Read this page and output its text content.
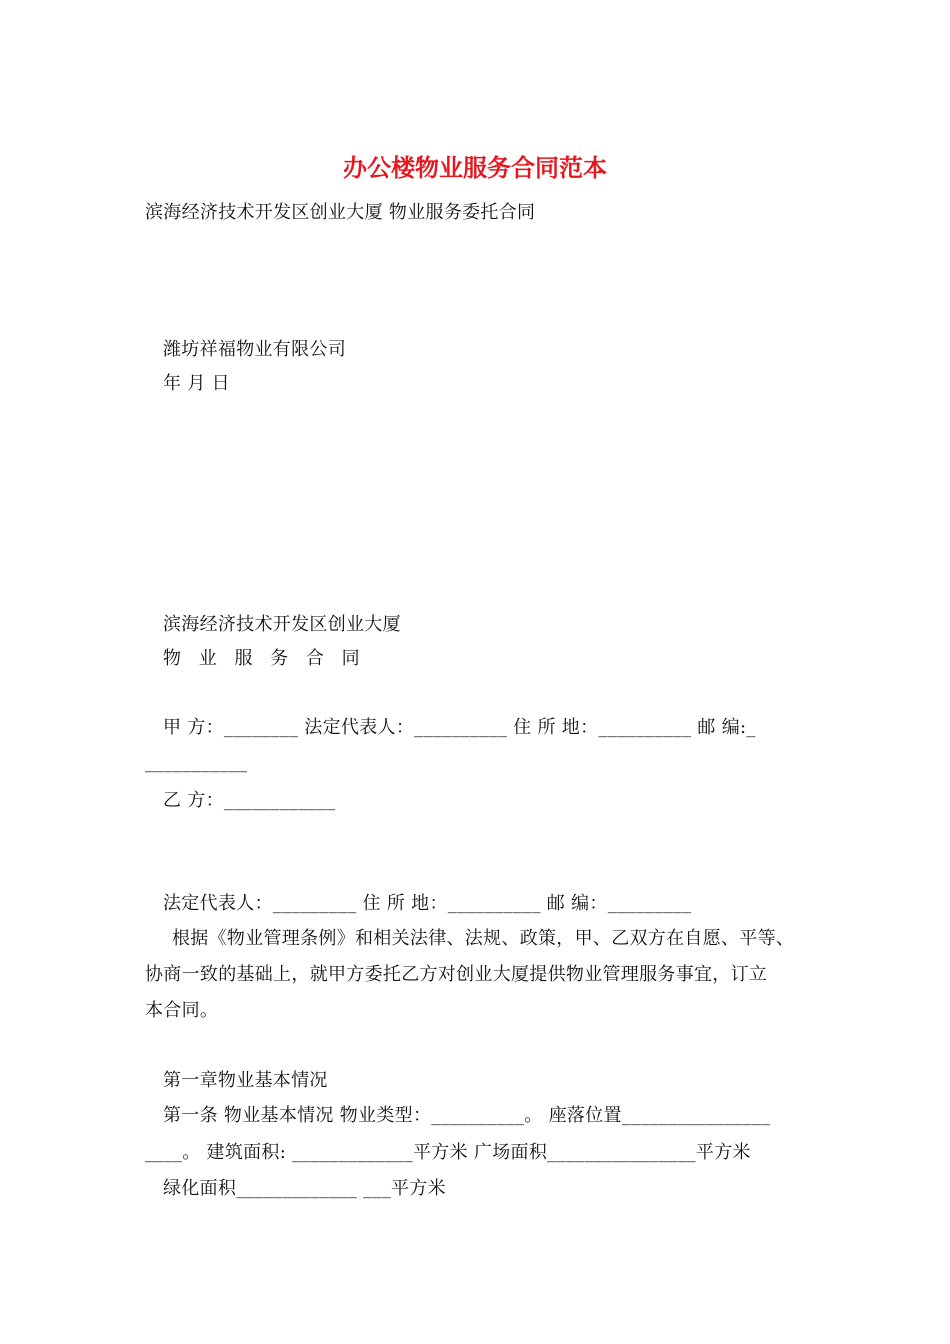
办公楼物业服务合同范本
滨海经济技术开发区创业大厦 物业服务委托合同
潍坊祥福物业有限公司
年 月 日
滨海经济技术开发区创业大厦
物 业 服 务 合 同
甲 方：________ 法定代表人：__________ 住 所 地：__________ 邮 编:_
___________
乙 方：____________
法定代表人：_________ 住 所 地：__________ 邮 编：_________
根据《物业管理条例》和相关法律、法规、政策，甲、乙双方在自愿、平等、
协商一致的基础上，就甲方委托乙方对创业大厦提供物业管理服务事宜，订立
本合同。
第一章物业基本情况
第一条 物业基本情况 物业类型：__________。 座落位置________________
____。 建筑面积: _____________平方米 广场面积________________平方米
绿化面积_____________ ___平方米
